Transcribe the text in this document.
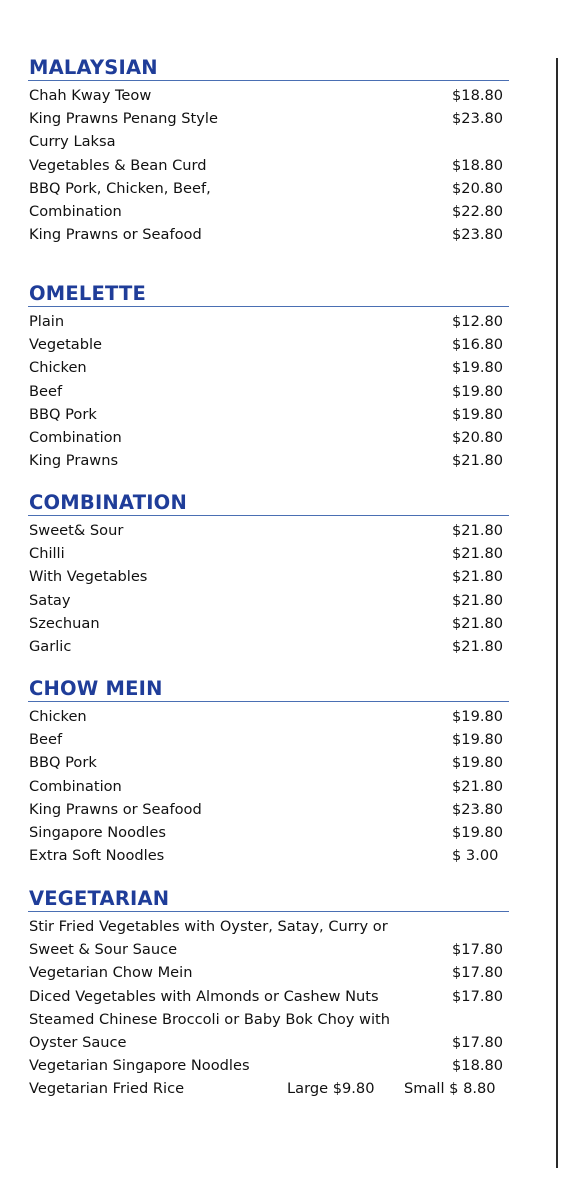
MALAYSIAN
Chah Kway Teow	$18.80
King Prawns Penang Style	$23.80
Curry Laksa
Vegetables & Bean Curd	$18.80
BBQ Pork, Chicken, Beef,	$20.80
Combination	$22.80
King Prawns or Seafood	$23.80
OMELETTE
Plain	$12.80
Vegetable	$16.80
Chicken	$19.80
Beef	$19.80
BBQ Pork	$19.80
Combination	$20.80
King Prawns	$21.80
COMBINATION
Sweet& Sour	$21.80
Chilli	$21.80
With Vegetables	$21.80
Satay	$21.80
Szechuan	$21.80
Garlic	$21.80
CHOW MEIN
Chicken	$19.80
Beef	$19.80
BBQ Pork	$19.80
Combination	$21.80
King Prawns or Seafood	$23.80
Singapore Noodles	$19.80
Extra Soft Noodles	$ 3.00
VEGETARIAN
Stir Fried Vegetables with Oyster, Satay, Curry or
Sweet & Sour Sauce	$17.80
Vegetarian Chow Mein	$17.80
Diced Vegetables with Almonds or Cashew Nuts	$17.80
Steamed Chinese Broccoli or Baby Bok Choy with
Oyster Sauce	$17.80
Vegetarian Singapore Noodles	$18.80
Vegetarian Fried Rice	Large $9.80 Small $ 8.80
